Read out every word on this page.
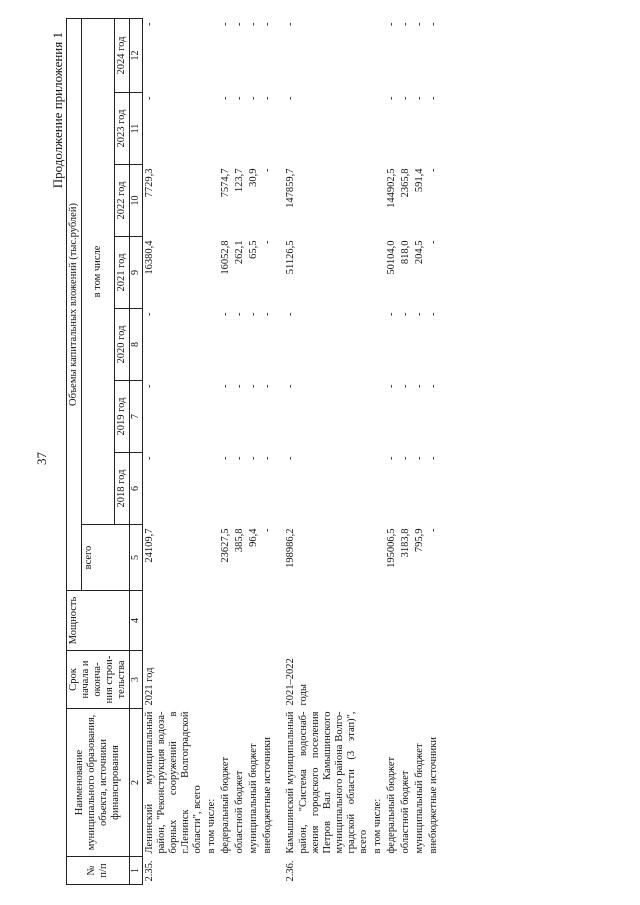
37
Продолжение приложения 1
№ п/п	Наименование муниципального образования, объекта, источники финансирования	Срок начала и оконча- ния строи- тельства	Мощность	Объемы капитальных вложений (тыс.рублей)							
				всего	в том числе						
					2018 год	2019 год	2020 год	2021 год	2022 год	2023 год	2024 год
1	2	3	4	5	6	7	8	9	10	11	12
2.35.	Ленинский муниципальный район, "Реконструкция водоза- борных сооружений в г.Ленинск Волгоградской области", всего	2021 год		24109,7	-	-	-	16380,4	7729,3	-	-
	в том числе:										
	федеральный бюджет			23627,5	-	-	-	16052,8	7574,7	-	-
	областной бюджет			385,8	-	-	-	262,1	123,7	-	-
	муниципальный бюджет			96,4	-	-	-	65,5	30,9	-	-
	внебюджетные источники			-	-	-	-	-	-	-	-
2.36.	Камышинский муниципальный район, "Система водоснаб- жения городского поселения Петров Вал Камышинского муниципального района Волго- градской области (3 этап)", всего	2021–2022 годы		198986,2	-	-	-	51126,5	147859,7	-	-
	в том числе:										
	федеральный бюджет			195006,5	-	-	-	50104,0	144902,5	-	-
	областной бюджет			3183,8	-	-	-	818,0	2365,8	-	-
	муниципальный бюджет			795,9	-	-	-	204,5	591,4	-	-
	внебюджетные источники			-	-	-	-	-	-	-	-
